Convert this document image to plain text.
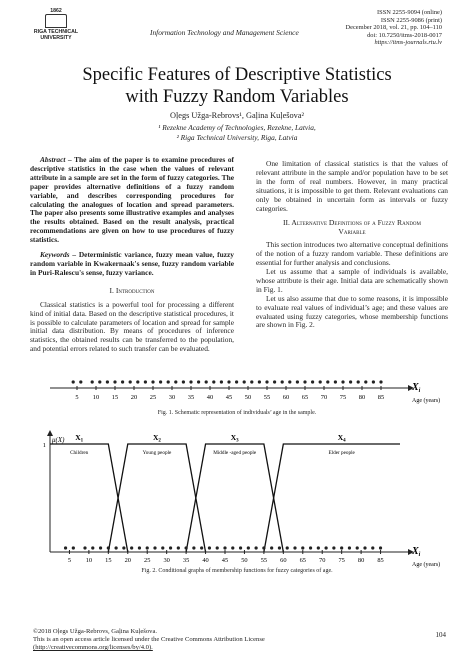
1862
RIGA TECHNICAL
UNIVERSITY
Information Technology and Management Science
ISSN 2255-9094 (online)
ISSN 2255-9086 (print)
December 2018, vol. 21, pp. 104–110
doi: 10.7250/itms-2018-0017
https://itms-journals.rtu.lv
Specific Features of Descriptive Statistics
with Fuzzy Random Variables
Oļegs Užga-Rebrovs¹, Gaļina Kuļešova²
¹ Rezekne Academy of Technologies, Rezekne, Latvia,
² Riga Technical University, Riga, Latvia

Abstract – The aim of the paper is to examine procedures of descriptive statistics in the case when the values of relevant attribute in a sample are set in the form of fuzzy categories. The paper provides alternative definitions of a fuzzy random variable, and describes corresponding procedures for calculating the analogues of location and spread parameters. The paper also presents some illustrative examples and analyses the results obtained. Based on the result analysis, practical recommendations are given on how to use procedures of fuzzy statistics.

Keywords – Deterministic variance, fuzzy mean value, fuzzy random variable in Kwakernaak's sense, fuzzy random variable in Puri-Ralescu's sense, fuzzy variance.

I. Introduction

Classical statistics is a powerful tool for processing a different kind of initial data. Based on the descriptive statistical procedures, it is possible to calculate parameters of location and spread for sample initial data distribution. By means of procedures of inference statistics, the obtained results can be transferred to the population, and potential errors related to such transfer can be evaluated.

One limitation of classical statistics is that the values of relevant attribute in the sample and/or population have to be set in the form of real numbers. However, in many practical situations, it is impossible to get them. Relevant evaluations can only be obtained in uncertain form as intervals or fuzzy categories.

II. Alternative Definitions of a Fuzzy Random
Variable

This section introduces two alternative conceptual definitions of the notion of a fuzzy random variable. These definitions are essential for further analysis and conclusions.

Let us assume that a sample of individuals is available, whose attribute is their age. Initial data are schematically shown in Fig. 1.

Let us also assume that due to some reasons, it is impossible to evaluate real values of individual’s age; and these values are evaluated using fuzzy categories, whose membership functions are shown in Fig. 2.

5 10 15 20 25 30 35 40 45 50 55 60 65 70 75 80 85
$X_i$
Age (years)
Fig. 1. Schematic representation of individuals’ age in the sample.
1
μ(X) $X_1$
Children
$X_2$
Young people
$X_3$
Middle -aged people
$X_4$
Elder people
5 10 15 20 25 30 35 40 45 50 55 60 65 70 75 80 85
$X_i$
Age (years)
Fig. 2. Conditional graphs of membership functions for fuzzy categories of age.
©2018 Oļegs Užga-Rebrovs, Gaļina Kuļešova.
This is an open access article licensed under the Creative Commons Attribution License
(http://creativecommons.org/licenses/by/4.0).
104
